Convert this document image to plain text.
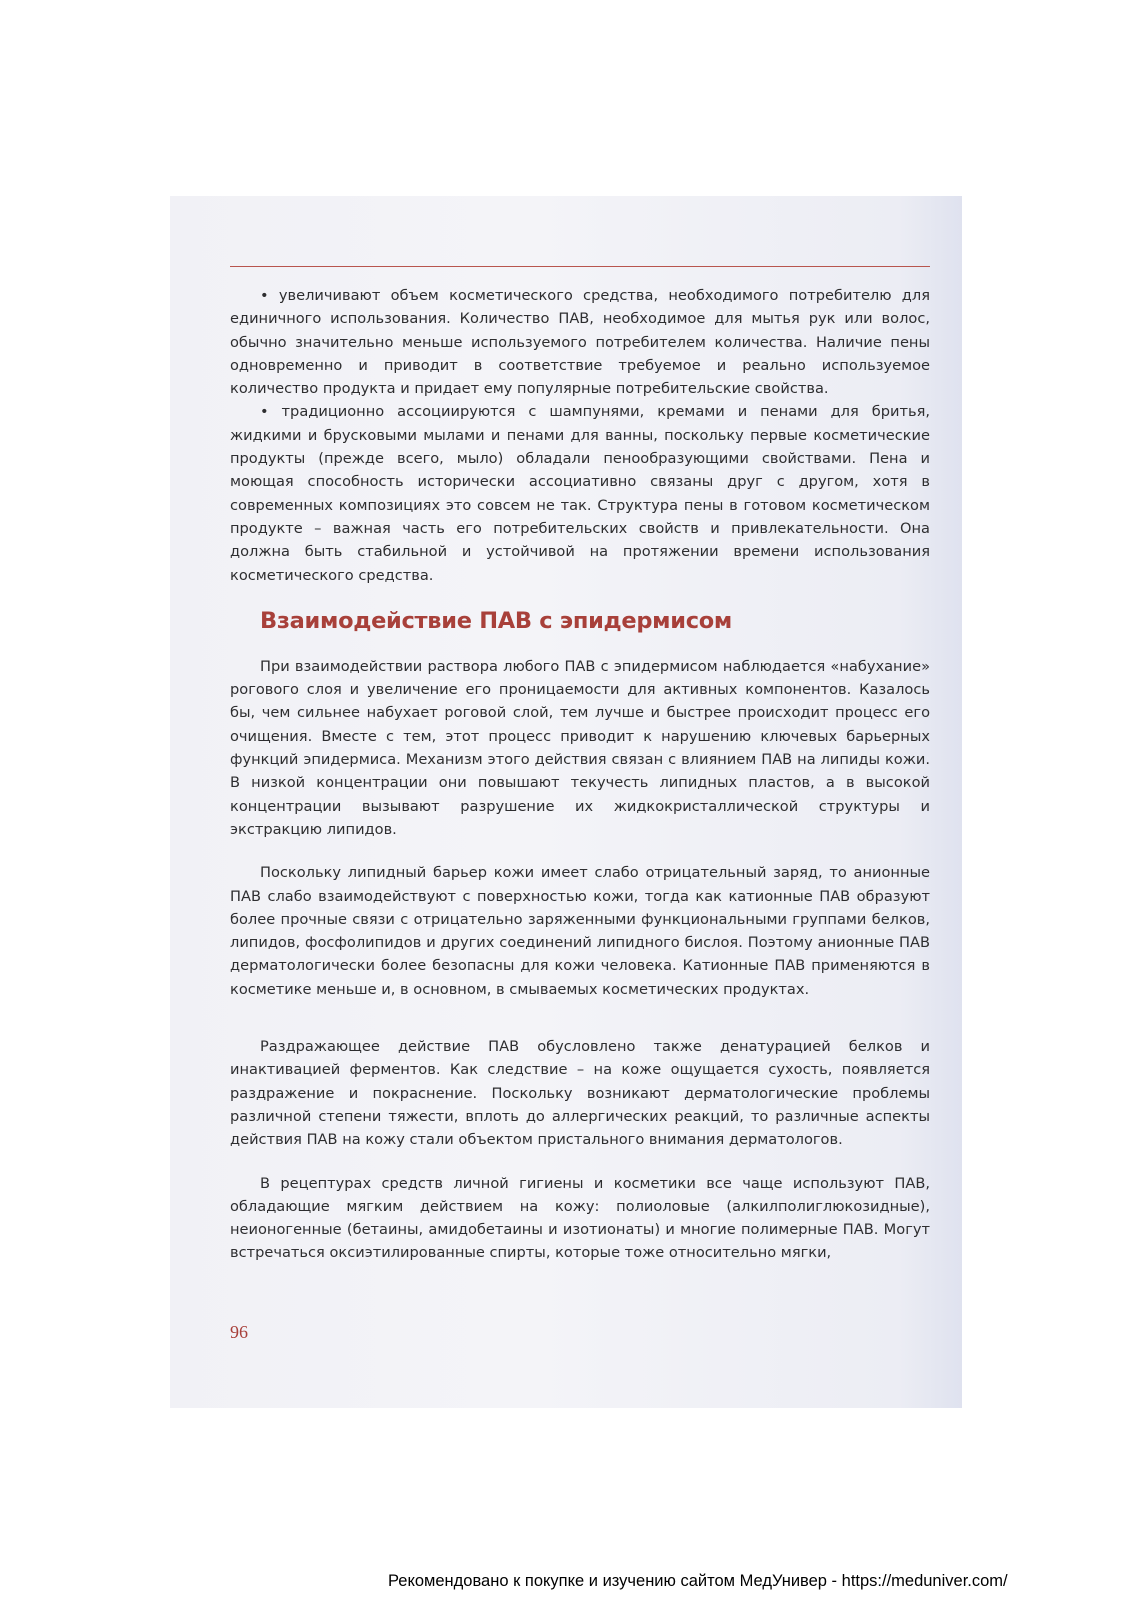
• увеличивают объем косметического средства, необходимого потребителю для единичного использования. Количество ПАВ, необходимое для мытья рук или волос, обычно значительно меньше используемого потребителем количества. Наличие пены одновременно и приводит в соответствие требуемое и реально используемое количество продукта и придает ему популярные потребительские свойства.

• традиционно ассоциируются с шампунями, кремами и пенами для бритья, жидкими и брусковыми мылами и пенами для ванны, поскольку первые косметические продукты (прежде всего, мыло) обладали пенообразующими свойствами. Пена и моющая способность исторически ассоциативно связаны друг с другом, хотя в современных композициях это совсем не так. Структура пены в готовом косметическом продукте – важная часть его потребительских свойств и привлекательности. Она должна быть стабильной и устойчивой на протяжении времени использования косметического средства.

Взаимодействие ПАВ с эпидермисом

При взаимодействии раствора любого ПАВ с эпидермисом наблюдается «набухание» рогового слоя и увеличение его проницаемости для активных компонентов. Казалось бы, чем сильнее набухает роговой слой, тем лучше и быстрее происходит процесс его очищения. Вместе с тем, этот процесс приводит к нарушению ключевых барьерных функций эпидермиса. Механизм этого действия связан с влиянием ПАВ на липиды кожи. В низкой концентрации они повышают текучесть липидных пластов, а в высокой концентрации вызывают разрушение их жидкокристаллической структуры и экстракцию липидов.

Поскольку липидный барьер кожи имеет слабо отрицательный заряд, то анионные ПАВ слабо взаимодействуют с поверхностью кожи, тогда как катионные ПАВ образуют более прочные связи с отрицательно заряженными функциональными группами белков, липидов, фосфолипидов и других соединений липидного бислоя. Поэтому анионные ПАВ дерматологически более безопасны для кожи человека. Катионные ПАВ применяются в косметике меньше и, в основном, в смываемых косметических продуктах.

Раздражающее действие ПАВ обусловлено также денатурацией белков и инактивацией ферментов. Как следствие – на коже ощущается сухость, появляется раздражение и покраснение. Поскольку возникают дерматологические проблемы различной степени тяжести, вплоть до аллергических реакций, то различные аспекты действия ПАВ на кожу стали объектом пристального внимания дерматологов.

В рецептурах средств личной гигиены и косметики все чаще используют ПАВ, обладающие мягким действием на кожу: полиоловые (алкилполиглюкозидные), неионогенные (бетаины, амидобетаины и изотионаты) и многие полимерные ПАВ. Могут встречаться оксиэтилированные спирты, которые тоже относительно мягки,

96
Рекомендовано к покупке и изучению сайтом МедУнивер - https://meduniver.com/
